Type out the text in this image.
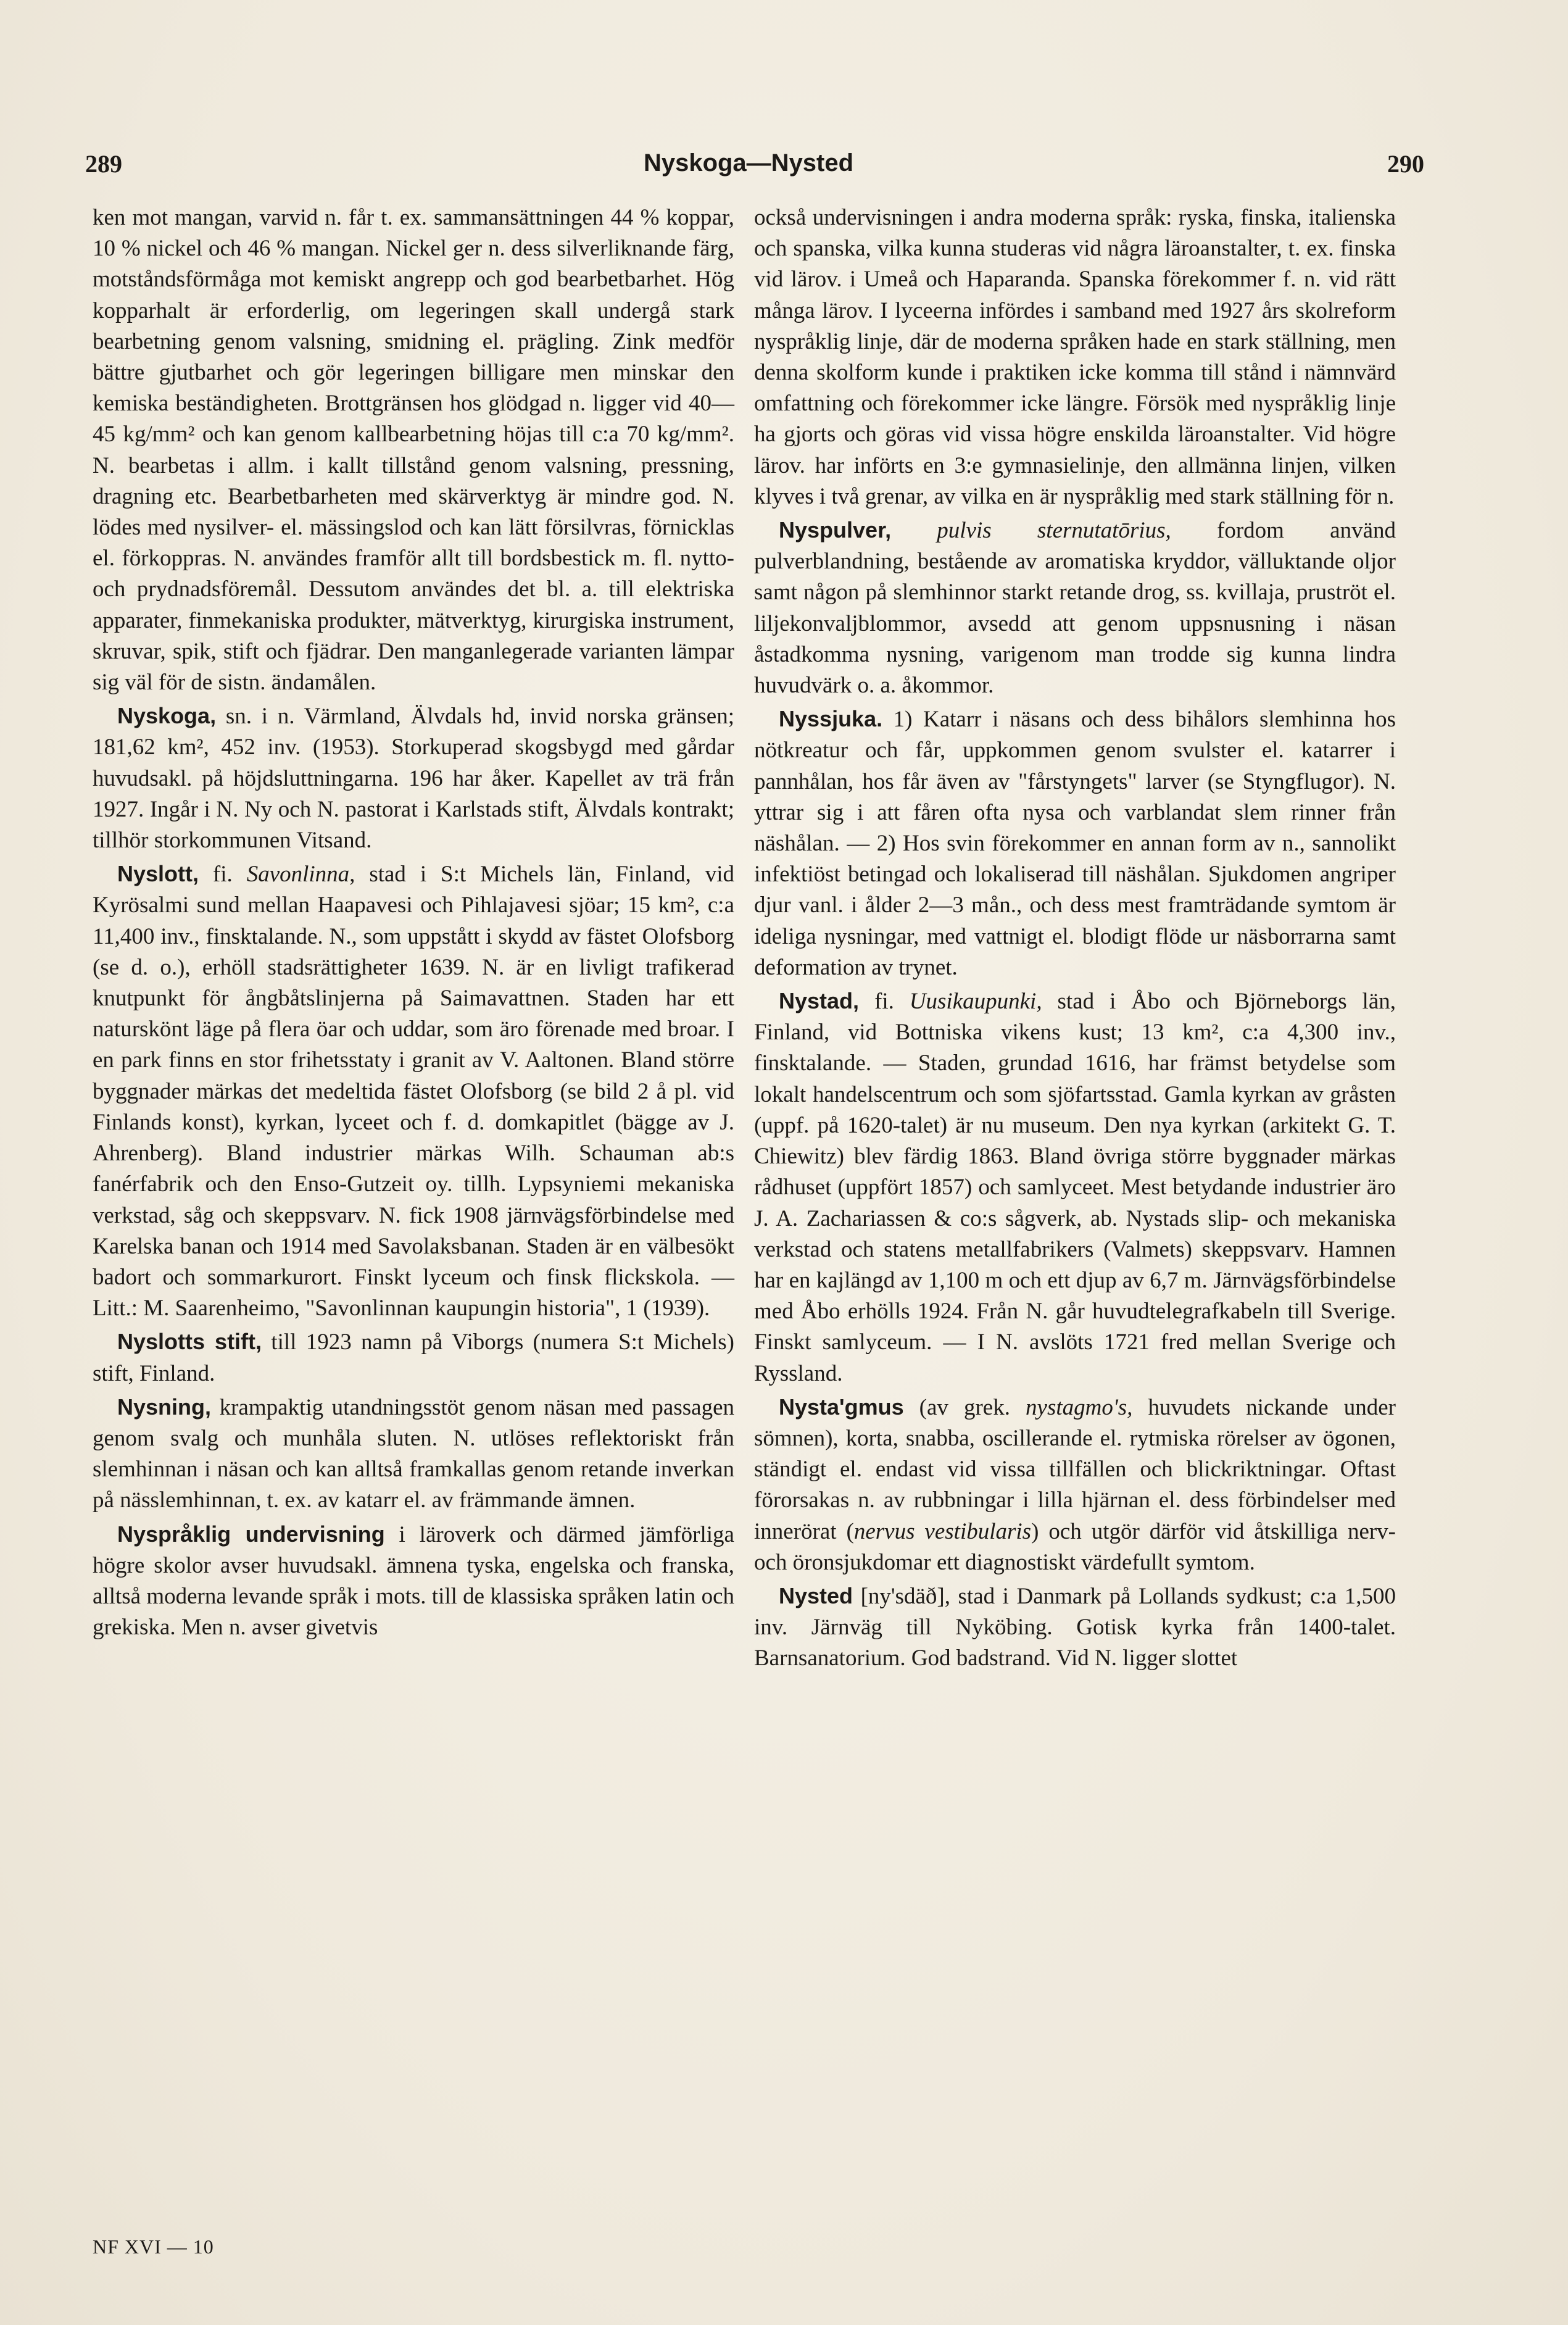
289	Nyskoga—Nysted	290

ken mot mangan, varvid n. får t. ex. sammansättningen 44 % koppar, 10 % nickel och 46 % mangan. Nickel ger n. dess silverliknande färg, motståndsförmåga mot kemiskt angrepp och god bearbetbarhet. Hög kopparhalt är erforderlig, om legeringen skall undergå stark bearbetning genom valsning, smidning el. prägling. Zink medför bättre gjutbarhet och gör legeringen billigare men minskar den kemiska beständigheten. Brottgränsen hos glödgad n. ligger vid 40—45 kg/mm² och kan genom kallbearbetning höjas till c:a 70 kg/mm². N. bearbetas i allm. i kallt tillstånd genom valsning, pressning, dragning etc. Bearbetbarheten med skärverktyg är mindre god. N. lödes med nysilver- el. mässingslod och kan lätt försilvras, förnicklas el. förkoppras. N. användes framför allt till bordsbestick m. fl. nytto- och prydnadsföremål. Dessutom användes det bl. a. till elektriska apparater, finmekaniska produkter, mätverktyg, kirurgiska instrument, skruvar, spik, stift och fjädrar. Den manganlegerade varianten lämpar sig väl för de sistn. ändamålen.

Nyskoga, sn. i n. Värmland, Älvdals hd, invid norska gränsen; 181,62 km², 452 inv. (1953). Storkuperad skogsbygd med gårdar huvudsakl. på höjdsluttningarna. 196 har åker. Kapellet av trä från 1927. Ingår i N. Ny och N. pastorat i Karlstads stift, Älvdals kontrakt; tillhör storkommunen Vitsand.

Nyslott, fi. Savonlinna, stad i S:t Michels län, Finland, vid Kyrösalmi sund mellan Haapavesi och Pihlajavesi sjöar; 15 km², c:a 11,400 inv., finsktalande. N., som uppstått i skydd av fästet Olofsborg (se d. o.), erhöll stadsrättigheter 1639. N. är en livligt trafikerad knutpunkt för ångbåtslinjerna på Saimavattnen. Staden har ett naturskönt läge på flera öar och uddar, som äro förenade med broar. I en park finns en stor frihetsstaty i granit av V. Aaltonen. Bland större byggnader märkas det medeltida fästet Olofsborg (se bild 2 å pl. vid Finlands konst), kyrkan, lyceet och f. d. domkapitlet (bägge av J. Ahrenberg). Bland industrier märkas Wilh. Schauman ab:s fanérfabrik och den Enso-Gutzeit oy. tillh. Lypsyniemi mekaniska verkstad, såg och skeppsvarv. N. fick 1908 järnvägsförbindelse med Karelska banan och 1914 med Savolaksbanan. Staden är en välbesökt badort och sommarkurort. Finskt lyceum och finsk flickskola. — Litt.: M. Saarenheimo, "Savonlinnan kaupungin historia", 1 (1939).

Nyslotts stift, till 1923 namn på Viborgs (numera S:t Michels) stift, Finland.

Nysning, krampaktig utandningsstöt genom näsan med passagen genom svalg och munhåla sluten. N. utlöses reflektoriskt från slemhinnan i näsan och kan alltså framkallas genom retande inverkan på nässlemhinnan, t. ex. av katarr el. av främmande ämnen.

Nyspråklig undervisning i läroverk och därmed jämförliga högre skolor avser huvudsakl. ämnena tyska, engelska och franska, alltså moderna levande språk i mots. till de klassiska språken latin och grekiska. Men n. avser givetvis

också undervisningen i andra moderna språk: ryska, finska, italienska och spanska, vilka kunna studeras vid några läroanstalter, t. ex. finska vid lärov. i Umeå och Haparanda. Spanska förekommer f. n. vid rätt många lärov. I lyceerna infördes i samband med 1927 års skolreform nyspråklig linje, där de moderna språken hade en stark ställning, men denna skolform kunde i praktiken icke komma till stånd i nämnvärd omfattning och förekommer icke längre. Försök med nyspråklig linje ha gjorts och göras vid vissa högre enskilda läroanstalter. Vid högre lärov. har införts en 3:e gymnasielinje, den allmänna linjen, vilken klyves i två grenar, av vilka en är nyspråklig med stark ställning för n.

Nyspulver, pulvis sternutatōrius, fordom använd pulverblandning, bestående av aromatiska kryddor, välluktande oljor samt någon på slemhinnor starkt retande drog, ss. kvillaja, pruströt el. liljekonvaljblommor, avsedd att genom uppsnusning i näsan åstadkomma nysning, varigenom man trodde sig kunna lindra huvudvärk o. a. åkommor.

Nyssjuka. 1) Katarr i näsans och dess bihålors slemhinna hos nötkreatur och får, uppkommen genom svulster el. katarrer i pannhålan, hos får även av "fårstyngets" larver (se Styngflugor). N. yttrar sig i att fåren ofta nysa och varblandat slem rinner från näshålan. — 2) Hos svin förekommer en annan form av n., sannolikt infektiöst betingad och lokaliserad till näshålan. Sjukdomen angriper djur vanl. i ålder 2—3 mån., och dess mest framträdande symtom är ideliga nysningar, med vattnigt el. blodigt flöde ur näsborrarna samt deformation av trynet.

Nystad, fi. Uusikaupunki, stad i Åbo och Björneborgs län, Finland, vid Bottniska vikens kust; 13 km², c:a 4,300 inv., finsktalande. — Staden, grundad 1616, har främst betydelse som lokalt handelscentrum och som sjöfartsstad. Gamla kyrkan av gråsten (uppf. på 1620-talet) är nu museum. Den nya kyrkan (arkitekt G. T. Chiewitz) blev färdig 1863. Bland övriga större byggnader märkas rådhuset (uppfört 1857) och samlyceet. Mest betydande industrier äro J. A. Zachariassen & co:s sågverk, ab. Nystads slip- och mekaniska verkstad och statens metallfabrikers (Valmets) skeppsvarv. Hamnen har en kajlängd av 1,100 m och ett djup av 6,7 m. Järnvägsförbindelse med Åbo erhölls 1924. Från N. går huvudtelegrafkabeln till Sverige. Finskt samlyceum. — I N. avslöts 1721 fred mellan Sverige och Ryssland.

Nysta'gmus (av grek. nystagmo's, huvudets nickande under sömnen), korta, snabba, oscillerande el. rytmiska rörelser av ögonen, ständigt el. endast vid vissa tillfällen och blickriktningar. Oftast förorsakas n. av rubbningar i lilla hjärnan el. dess förbindelser med innerörat (nervus vestibularis) och utgör därför vid åtskilliga nerv- och öronsjukdomar ett diagnostiskt värdefullt symtom.

Nysted [ny'sdäð], stad i Danmark på Lollands sydkust; c:a 1,500 inv. Järnväg till Nyköbing. Gotisk kyrka från 1400-talet. Barnsanatorium. God badstrand. Vid N. ligger slottet

NF XVI — 10
